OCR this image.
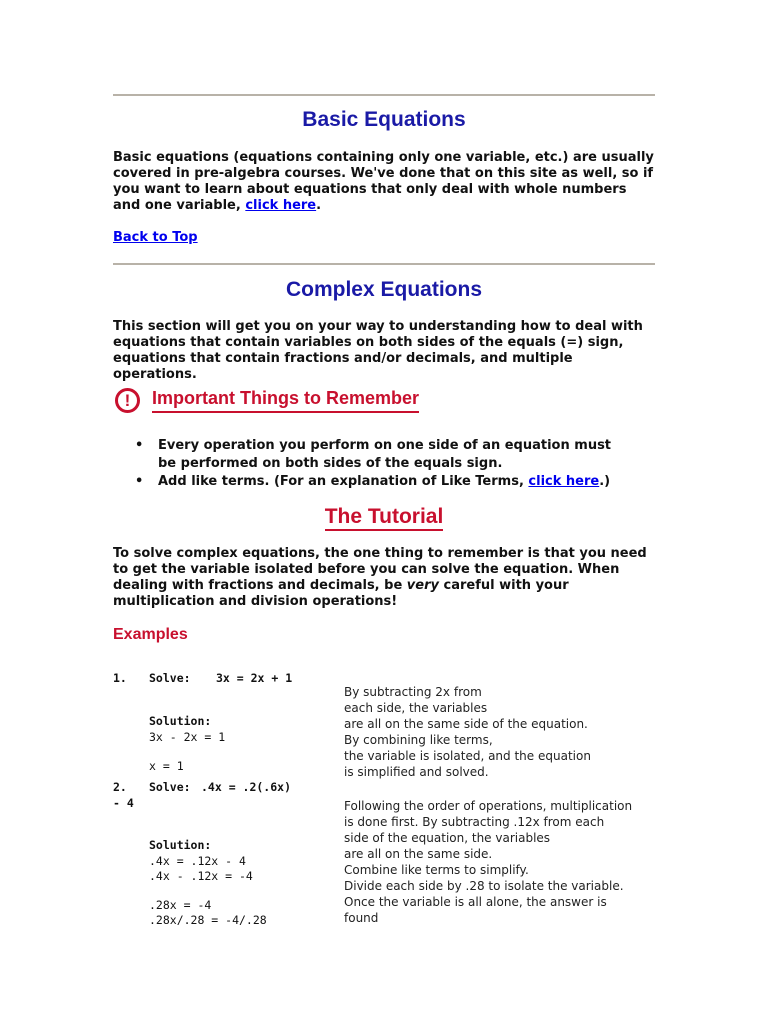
Basic Equations

Basic equations (equations containing only one variable, etc.) are usually covered in pre-algebra courses. We've done that on this site as well, so if you want to learn about equations that only deal with whole numbers and one variable, click here.

Back to Top

Complex Equations

This section will get you on your way to understanding how to deal with equations that contain variables on both sides of the equals (=) sign, equations that contain fractions and/or decimals, and multiple operations.

!	Important Things to Remember
• Every operation you perform on one side of an equation must be performed on both sides of the equals sign.
• Add like terms. (For an explanation of Like Terms, click here.)
The Tutorial

To solve complex equations, the one thing to remember is that you need to get the variable isolated before you can solve the equation. When dealing with fractions and decimals, be very careful with your multiplication and division operations!

Examples
1. Solve: 3x = 2x + 1
Solution:
3x - 2x = 1
x = 1
By subtracting 2x from
each side, the variables
are all on the same side of the equation.
By combining like terms,
the variable is isolated, and the equation
is simplified and solved.
2. Solve: .4x = .2(.6x)
- 4
Solution:
.4x = .12x - 4
.4x - .12x = -4
.28x = -4
.28x/.28 = -4/.28
Following the order of operations, multiplication
is done first. By subtracting .12x from each
side of the equation, the variables
are all on the same side.
Combine like terms to simplify.
Divide each side by .28 to isolate the variable.
Once the variable is all alone, the answer is
found
